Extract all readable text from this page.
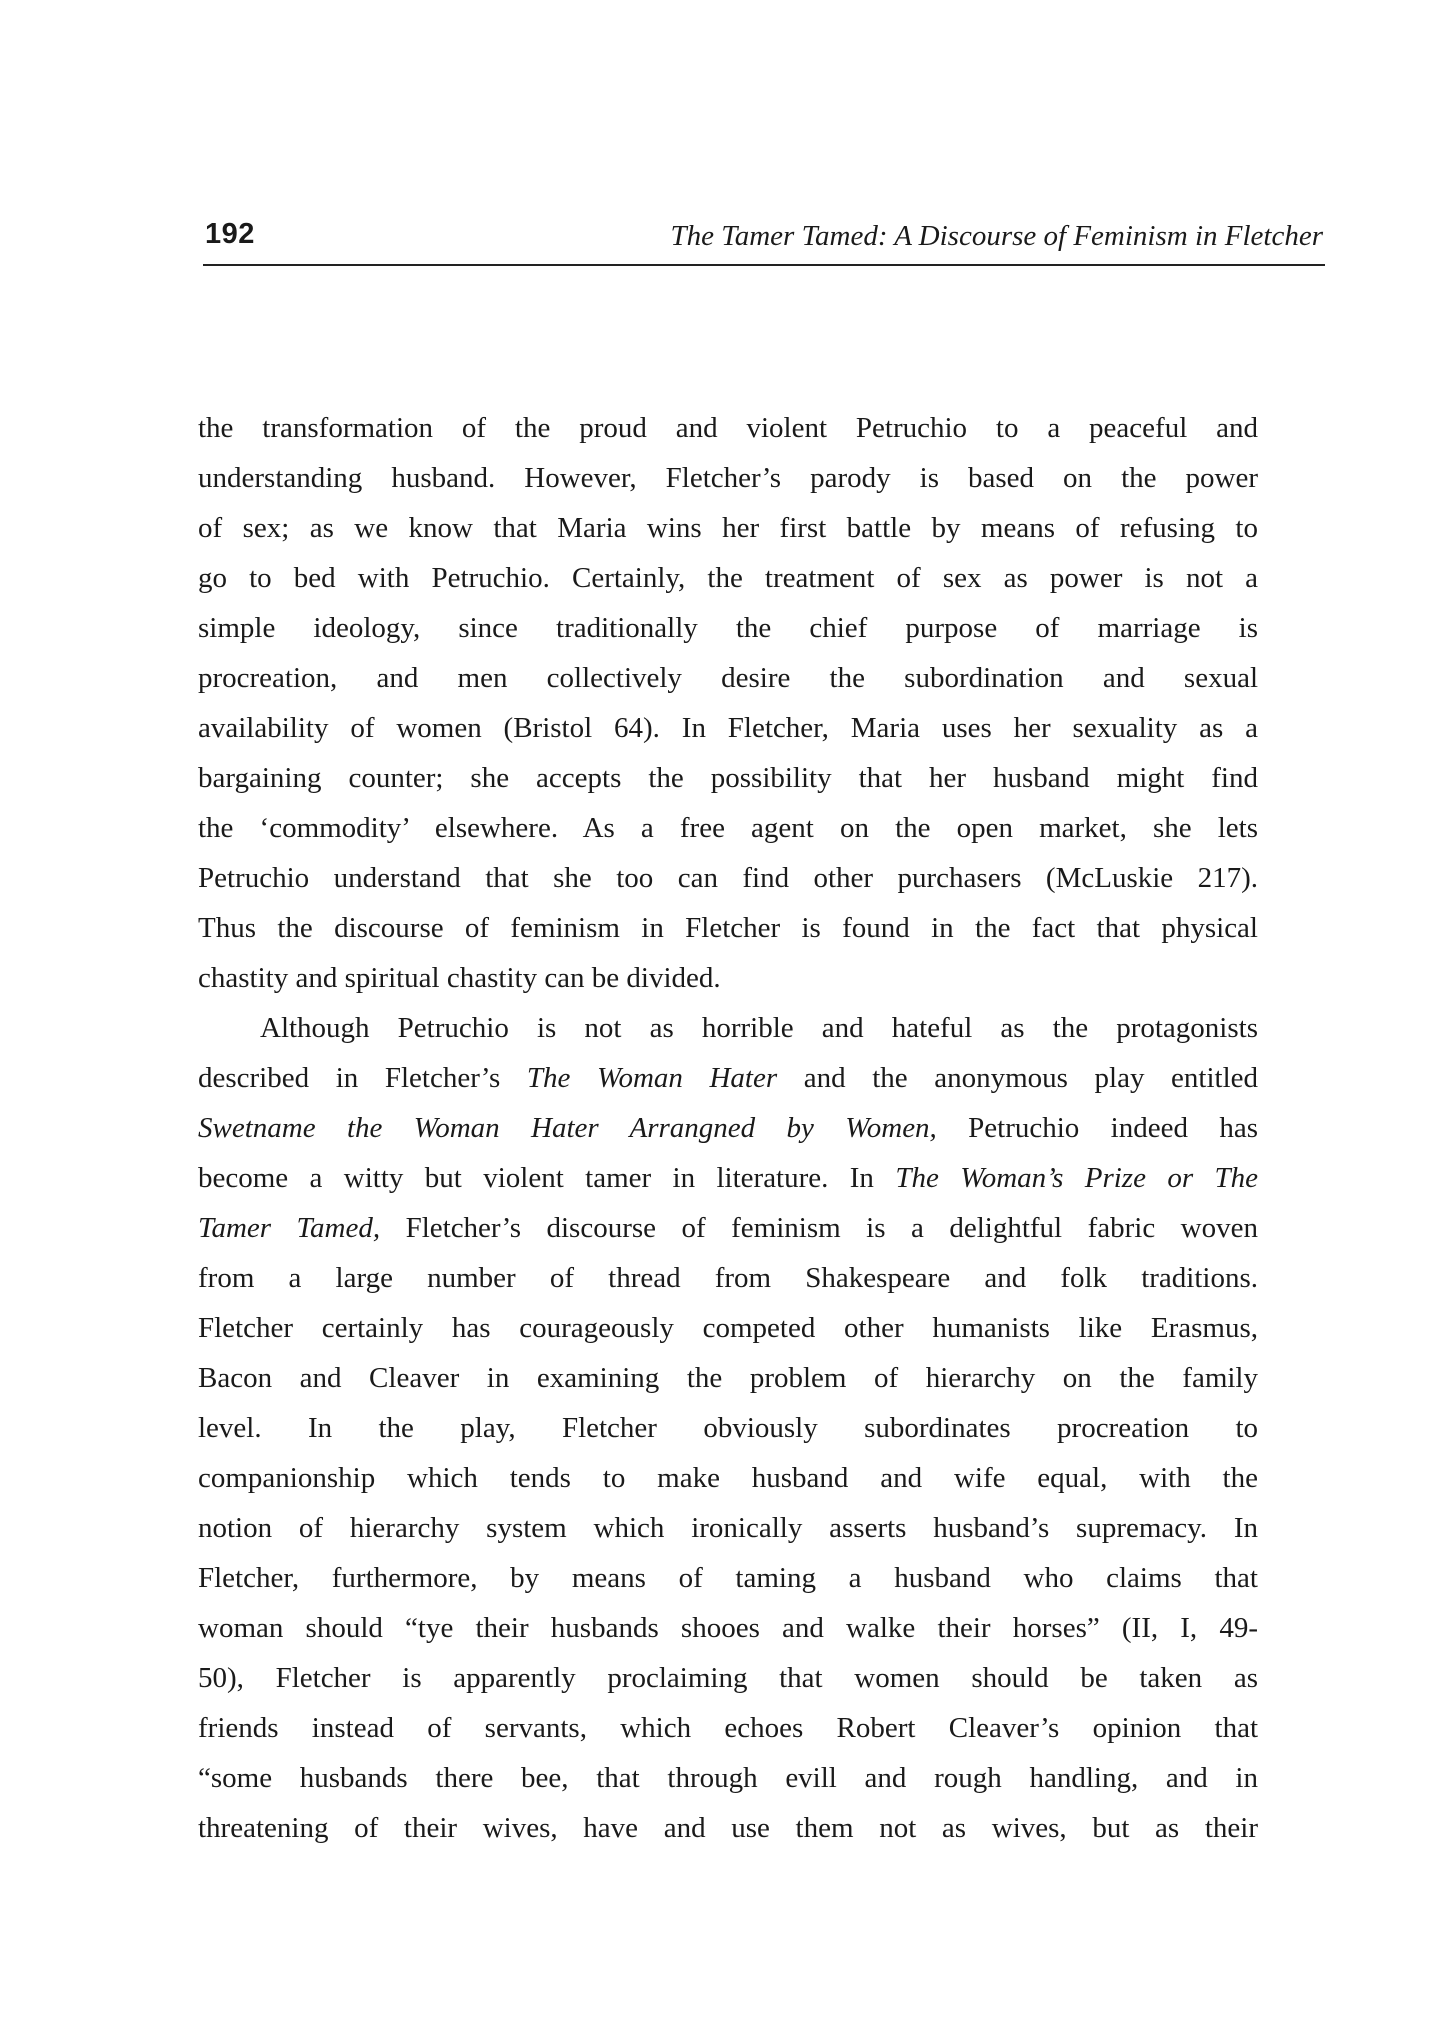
192	The Tamer Tamed: A Discourse of Feminism in Fletcher
the transformation of the proud and violent Petruchio to a peaceful and
understanding husband. However, Fletcher’s parody is based on the power
of sex; as we know that Maria wins her first battle by means of refusing to
go to bed with Petruchio. Certainly, the treatment of sex as power is not a
simple ideology, since traditionally the chief purpose of marriage is
procreation, and men collectively desire the subordination and sexual
availability of women (Bristol 64). In Fletcher, Maria uses her sexuality as a
bargaining counter; she accepts the possibility that her husband might find
the ‘commodity’ elsewhere. As a free agent on the open market, she lets
Petruchio understand that she too can find other purchasers (McLuskie 217).
Thus the discourse of feminism in Fletcher is found in the fact that physical
chastity and spiritual chastity can be divided.
Although Petruchio is not as horrible and hateful as the protagonists
described in Fletcher’s The Woman Hater and the anonymous play entitled
Swetname the Woman Hater Arrangned by Women, Petruchio indeed has
become a witty but violent tamer in literature. In The Woman’s Prize or The
Tamer Tamed, Fletcher’s discourse of feminism is a delightful fabric woven
from a large number of thread from Shakespeare and folk traditions.
Fletcher certainly has courageously competed other humanists like Erasmus,
Bacon and Cleaver in examining the problem of hierarchy on the family
level. In the play, Fletcher obviously subordinates procreation to
companionship which tends to make husband and wife equal, with the
notion of hierarchy system which ironically asserts husband’s supremacy. In
Fletcher, furthermore, by means of taming a husband who claims that
woman should “tye their husbands shooes and walke their horses” (II, I, 49-
50), Fletcher is apparently proclaiming that women should be taken as
friends instead of servants, which echoes Robert Cleaver’s opinion that
“some husbands there bee, that through evill and rough handling, and in
threatening of their wives, have and use them not as wives, but as their
